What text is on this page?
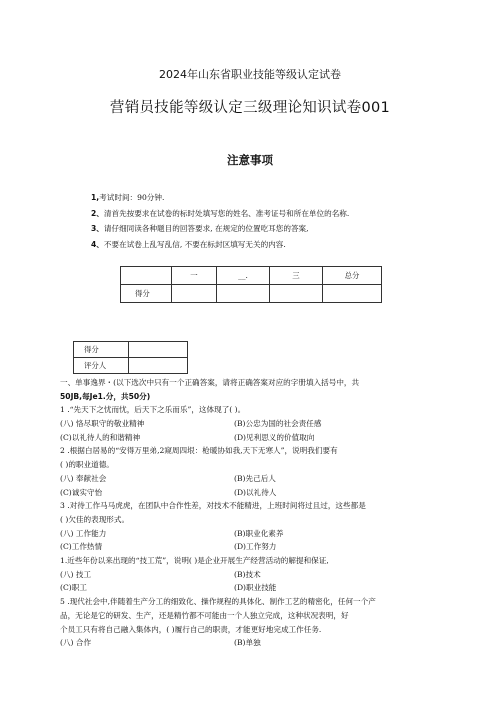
2024年山东省职业技能等级认定试卷
营销员技能等级认定三级理论知识试卷001
注意事项
1,考试时间：90分钟.
2、清首先按要求在试卷的标时处填写您的姓名、准考证号和所在单位的名称.
3、请仔细同读各种题目的回答要求, 在规定的位置吃耳您的答案,
4、不要在试卷上乱写乱信, 不要在标封区填写无关的内容.
	一	__.	三	总分
得分				
得分	
评分人	
一、单事逸界・(以下选次中只有一个正确答案，请将正确答案对应的字册填入括号中，共
50JB,每Je1.分，共50分)
1 .“先天下之忧而忧，后天下之乐而乐”，这体现了( )。
(八) 恪尽职守的敬业精神	(B)公忠为国的社会责任感
(C)以礼待人的和谐精神	(D)见利思义的价值取向
2 .根据白居易的“安得万里弟,2窥周四垠：枪暖协如我,天下无寒人”，说明我们要有
( )的职业道德。
(八) 奉献社会	(B)先己后人
(C)诚实守怡	(D)以礼待人
3 .对待工作马马虎虎，在团队中合作性差，对技术不能精进，上班时间将过且过，这些都是
( )欠佳的表现形式。
(八) 工作能力	(B)职业化素养
(C)工作热情	(D)工作努力
1.近些年份以来出现的“技工荒”，说明( )是企业开展生产经营活动的解提和保证,
(八) 技工	(B)技术
(C)职工	(D)职业技能
5 .现代社会中,伴随着生产分工的细致化、操作规程的具体化、制作工艺的精密化，任何一个产
品，无论是它的研发、生产，还是精竹都不可能由一个人独立完成，这种状况表明，好
个员工只有将自己融入集体内，( )履行自己的职责，才能更好地完成工作任务.
(八) 合作	(B)单独
